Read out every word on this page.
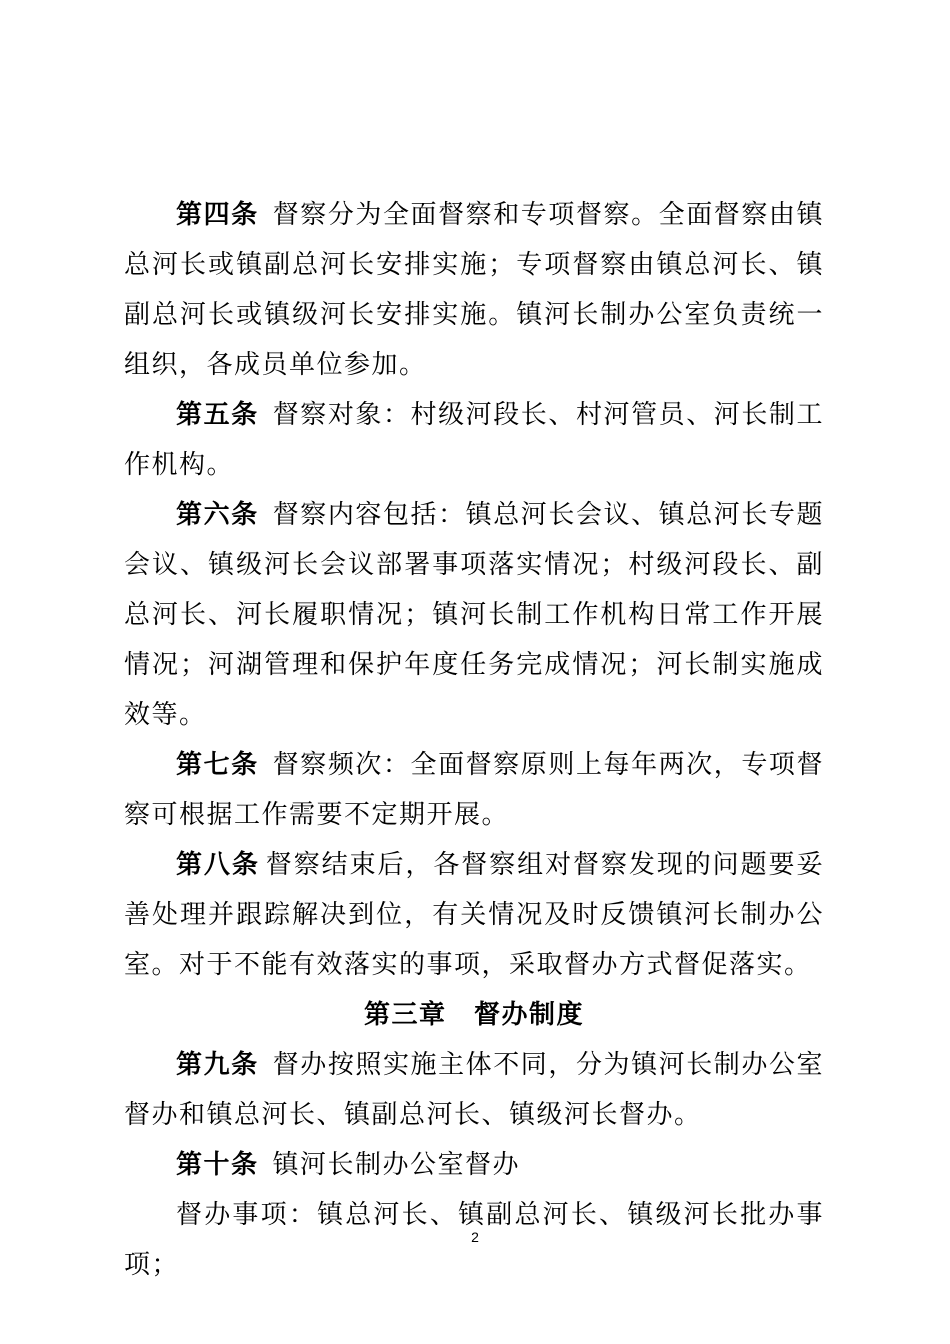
第四条 督察分为全面督察和专项督察。全面督察由镇总河长或镇副总河长安排实施；专项督察由镇总河长、镇副总河长或镇级河长安排实施。镇河长制办公室负责统一组织，各成员单位参加。

第五条 督察对象：村级河段长、村河管员、河长制工作机构。

第六条 督察内容包括：镇总河长会议、镇总河长专题会议、镇级河长会议部署事项落实情况；村级河段长、副总河长、河长履职情况；镇河长制工作机构日常工作开展情况；河湖管理和保护年度任务完成情况；河长制实施成效等。

第七条 督察频次：全面督察原则上每年两次，专项督察可根据工作需要不定期开展。

第八条 督察结束后，各督察组对督察发现的问题要妥善处理并跟踪解决到位，有关情况及时反馈镇河长制办公室。对于不能有效落实的事项，采取督办方式督促落实。

第三章　督办制度

第九条 督办按照实施主体不同，分为镇河长制办公室督办和镇总河长、镇副总河长、镇级河长督办。

第十条 镇河长制办公室督办

督办事项：镇总河长、镇副总河长、镇级河长批办事项；

2
